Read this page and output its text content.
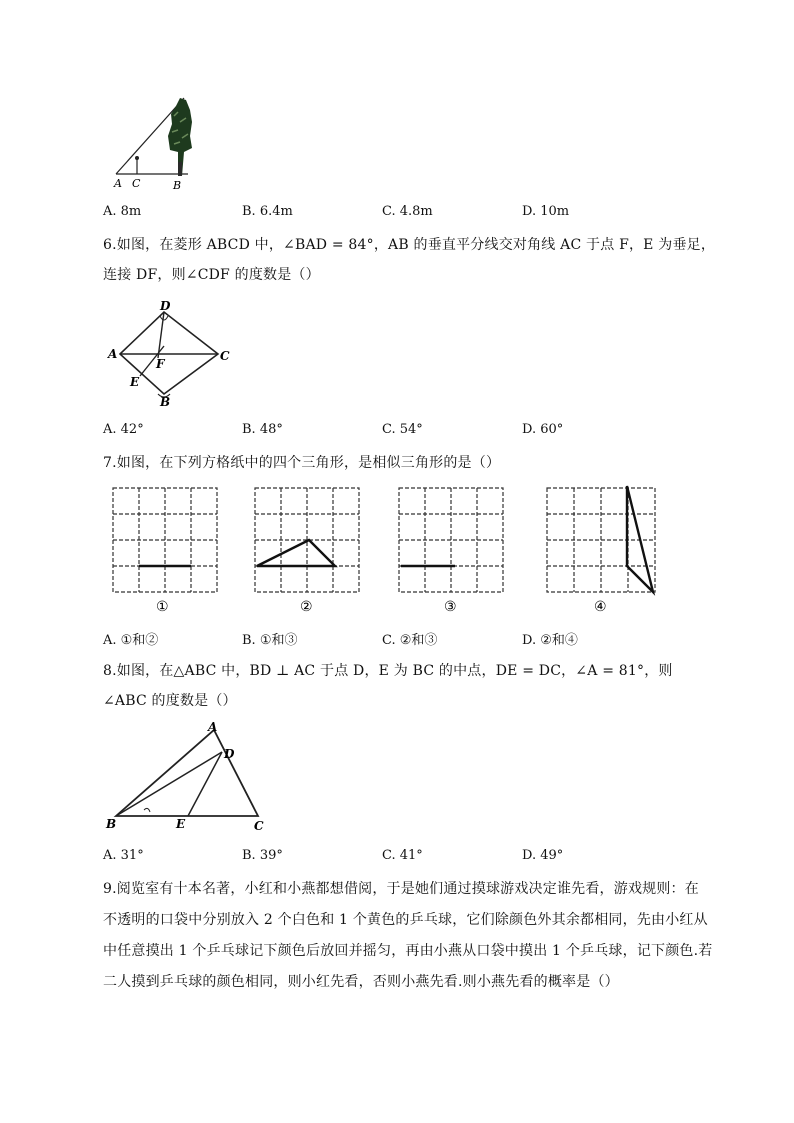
A C	B
A. 8m	B. 6.4m	C. 4.8m	D. 10m
6.如图，在菱形 ABCD 中，∠BAD = 84°，AB 的垂直平分线交对角线 AC 于点 F，E 为垂足，
连接 DF，则∠CDF 的度数是（）
D
A	C
F
E
B
A. 42°	B. 48°	C. 54°	D. 60°
7.如图，在下列方格纸中的四个三角形，是相似三角形的是（）
①	②	③	④
A. ①和②	B. ①和③	C. ②和③	D. ②和④
8.如图，在△ABC 中，BD ⊥ AC 于点 D，E 为 BC 的中点，DE = DC，∠A = 81°，则
∠ABC 的度数是（）
A
D
B	E	C
A. 31°	B. 39°	C. 41°	D. 49°
9.阅览室有十本名著，小红和小燕都想借阅，于是她们通过摸球游戏决定谁先看，游戏规则：在
不透明的口袋中分别放入 2 个白色和 1 个黄色的乒乓球，它们除颜色外其余都相同，先由小红从
中任意摸出 1 个乒乓球记下颜色后放回并摇匀，再由小燕从口袋中摸出 1 个乒乓球，记下颜色.若
二人摸到乒乓球的颜色相同，则小红先看，否则小燕先看.则小燕先看的概率是（）
